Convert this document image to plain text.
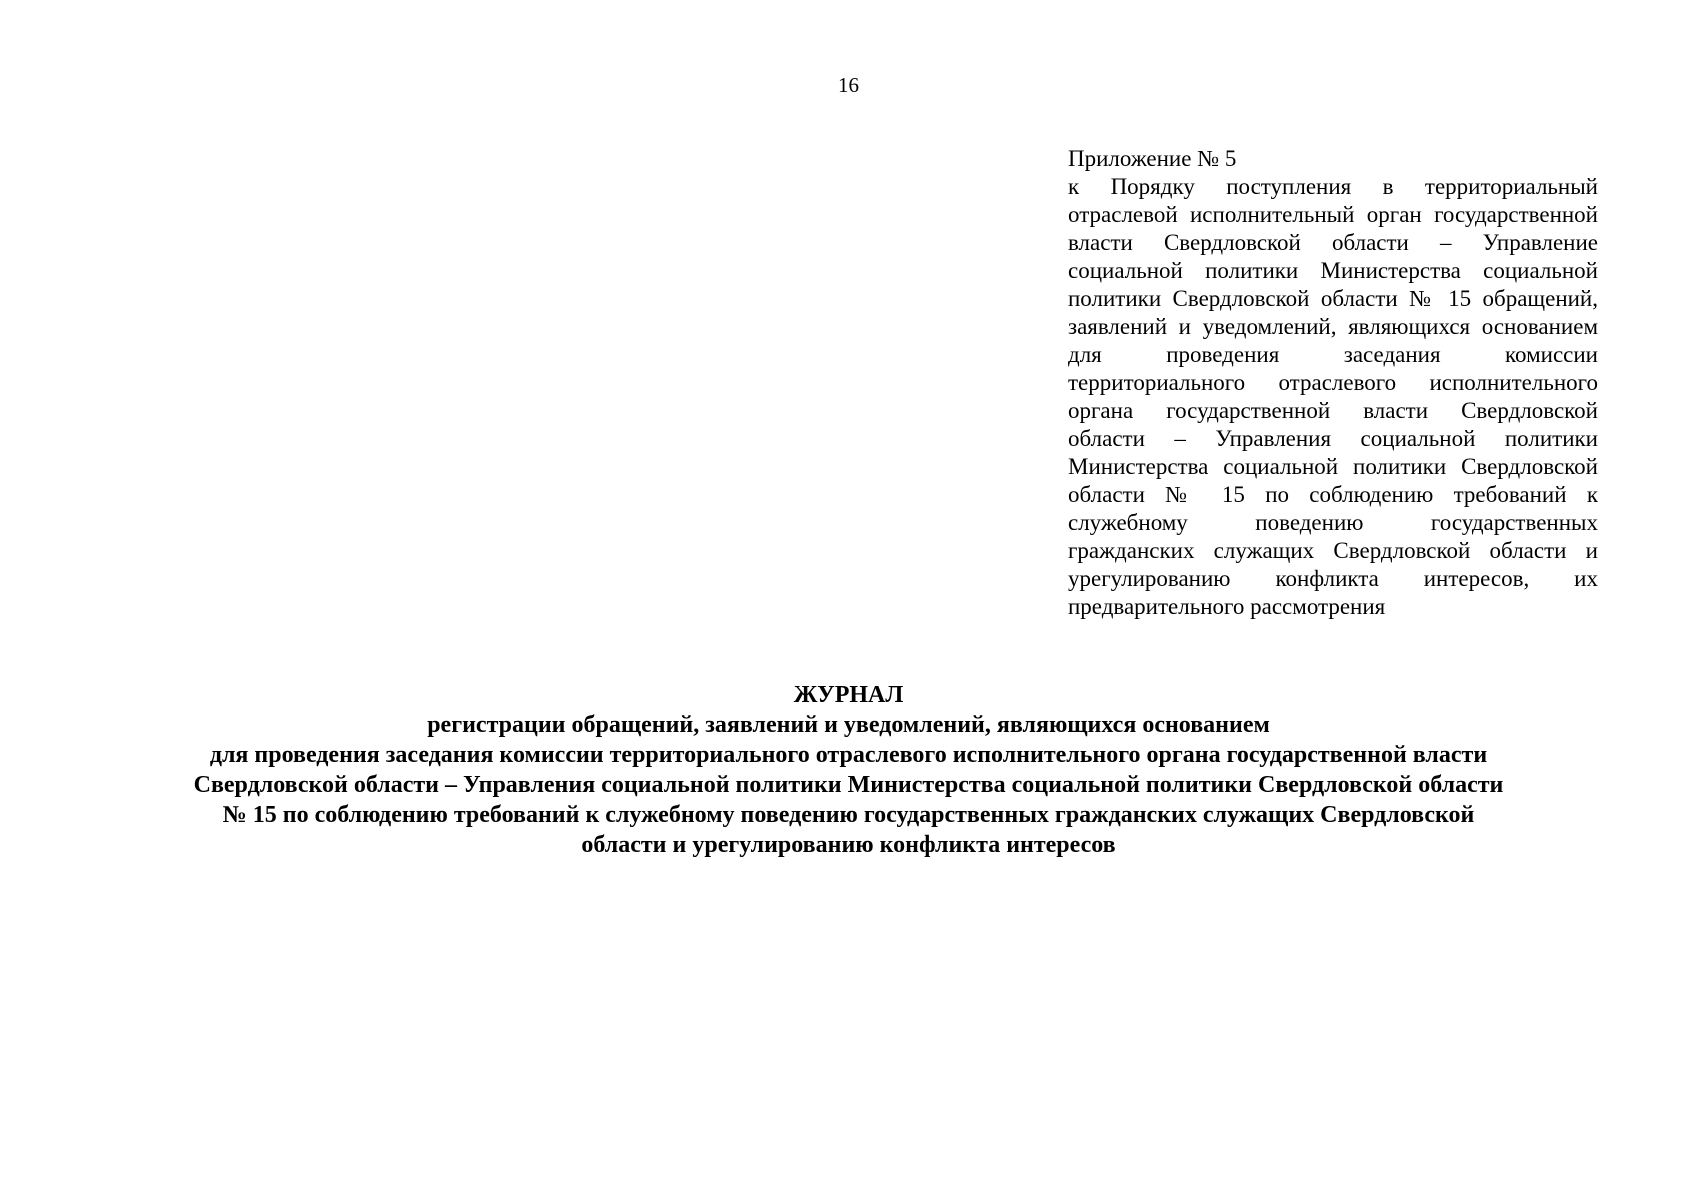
16
Приложение № 5
к Порядку поступления в территориальный отраслевой исполнительный орган государственной власти Свердловской области – Управление социальной политики Министерства социальной политики Свердловской области № 15 обращений, заявлений и уведомлений, являющихся основанием для проведения заседания комиссии территориального отраслевого исполнительного органа государственной власти Свердловской области – Управления социальной политики Министерства социальной политики Свердловской области № 15 по соблюдению требований к служебному поведению государственных гражданских служащих Свердловской области и урегулированию конфликта интересов, их предварительного рассмотрения
ЖУРНАЛ
регистрации обращений, заявлений и уведомлений, являющихся основанием
для проведения заседания комиссии территориального отраслевого исполнительного органа государственной власти
Свердловской области – Управления социальной политики Министерства социальной политики Свердловской области
№ 15 по соблюдению требований к служебному поведению государственных гражданских служащих Свердловской
области и урегулированию конфликта интересов
